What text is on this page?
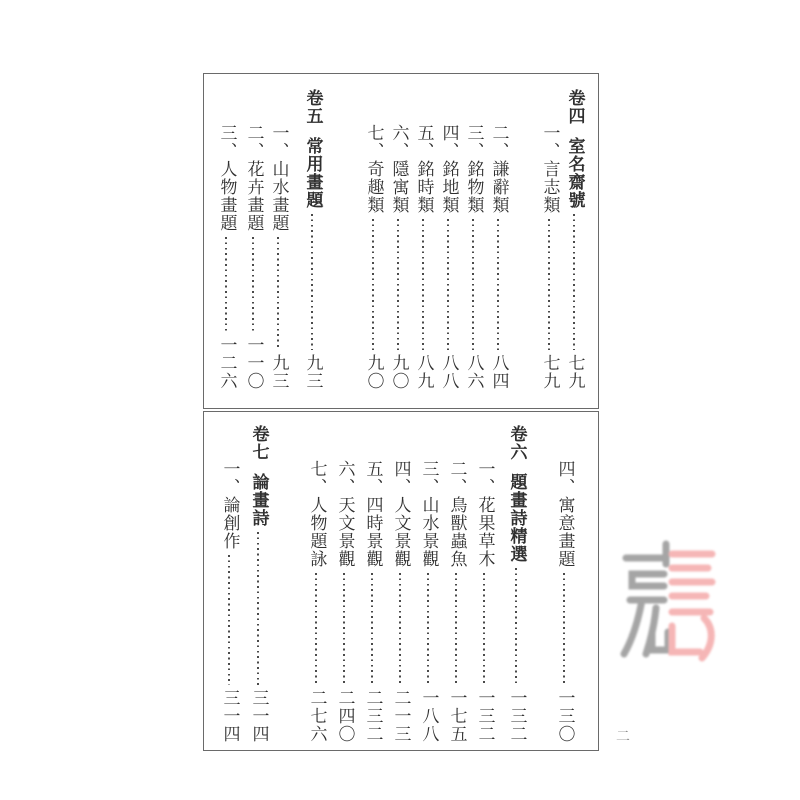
卷四
室名齋號
七九
一、
言志類
七九
二、
謙辭類
八四
三、
銘物類
八六
四、
銘地類
八八
五、
銘時類
八九
六、
隱寓類
九〇
七、
奇趣類
九〇
卷五
常用畫題
九三
一、
山水畫題
九三
二、
花卉畫題
一一〇
三、
人物畫題
一二六
四、
寓意畫題
一三〇
卷六
題畫詩精選
一三二
一、
花果草木
一三二
二、
鳥獸蟲魚
一七五
三、
山水景觀
一八八
四、
人文景觀
二一三
五、
四時景觀
二三二
六、
天文景觀
二四〇
七、
人物題詠
二七六
卷七
論畫詩
三一四
一、
論創作
三一四	二
